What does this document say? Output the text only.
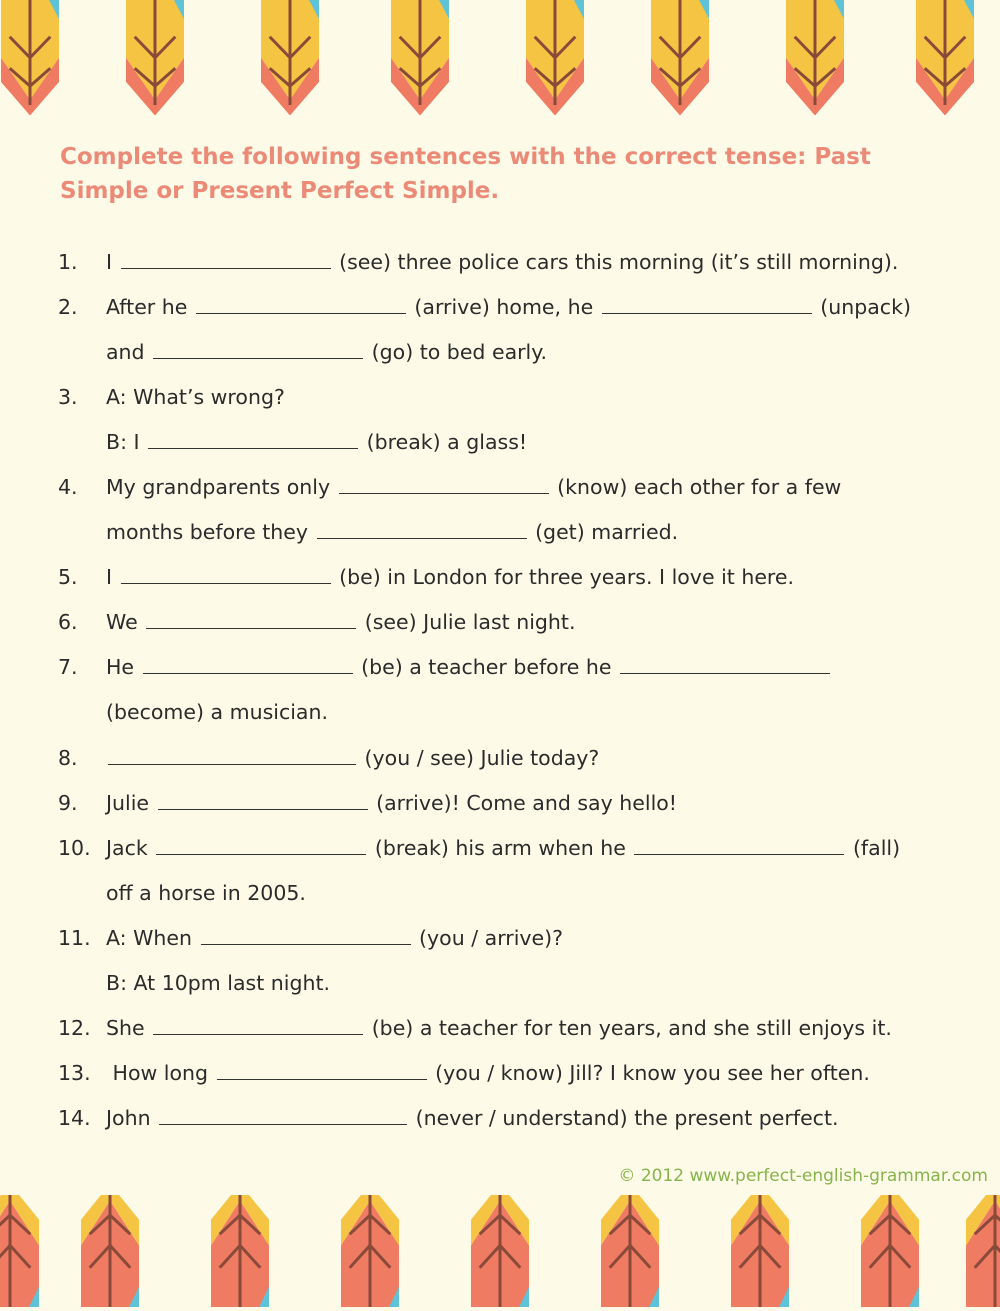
Complete the following sentences with the correct tense: Past Simple or Present Perfect Simple.
1.	I	(see) three police cars this morning (it’s still morning).
2.	After he	(arrive) home, he	(unpack)
and	(go) to bed early.
3.	A: What’s wrong?
B: I	(break) a glass!
4.	My grandparents only	(know) each other for a few
months before they	(get) married.
5.	I	(be) in London for three years. I love it here.
6.	We	(see) Julie last night.
7.	He	(be) a teacher before he
(become) a musician.
8.	(you / see) Julie today?
9.	Julie	(arrive)! Come and say hello!
10. Jack	(break) his arm when he	(fall)
off a horse in 2005.
11. A: When	(you / arrive)?
B: At 10pm last night.
12. She	(be) a teacher for ten years, and she still enjoys it.
13.	How long	(you / know) Jill? I know you see her often.
14. John	(never / understand) the present perfect.
© 2012 www.perfect-english-grammar.com
